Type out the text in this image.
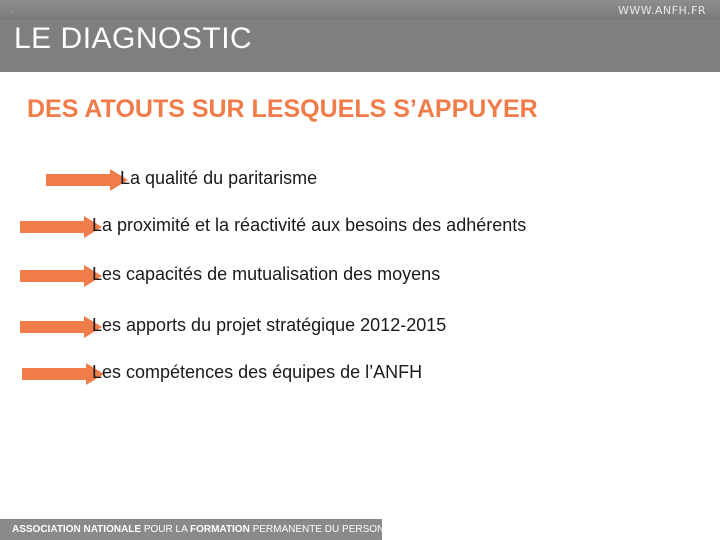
.	WWW.ANFH.FR
LE DIAGNOSTIC
DES ATOUTS SUR LESQUELS S’APPUYER
La qualité du paritarisme
La proximité et la réactivité aux besoins des adhérents
Les capacités de mutualisation des moyens
Les apports du projet stratégique 2012-2015
Les compétences des équipes de l’ANFH
ASSOCIATION NATIONALE POUR LA FORMATION PERMANENTE DU PERSONNEL HOSPITALIER
